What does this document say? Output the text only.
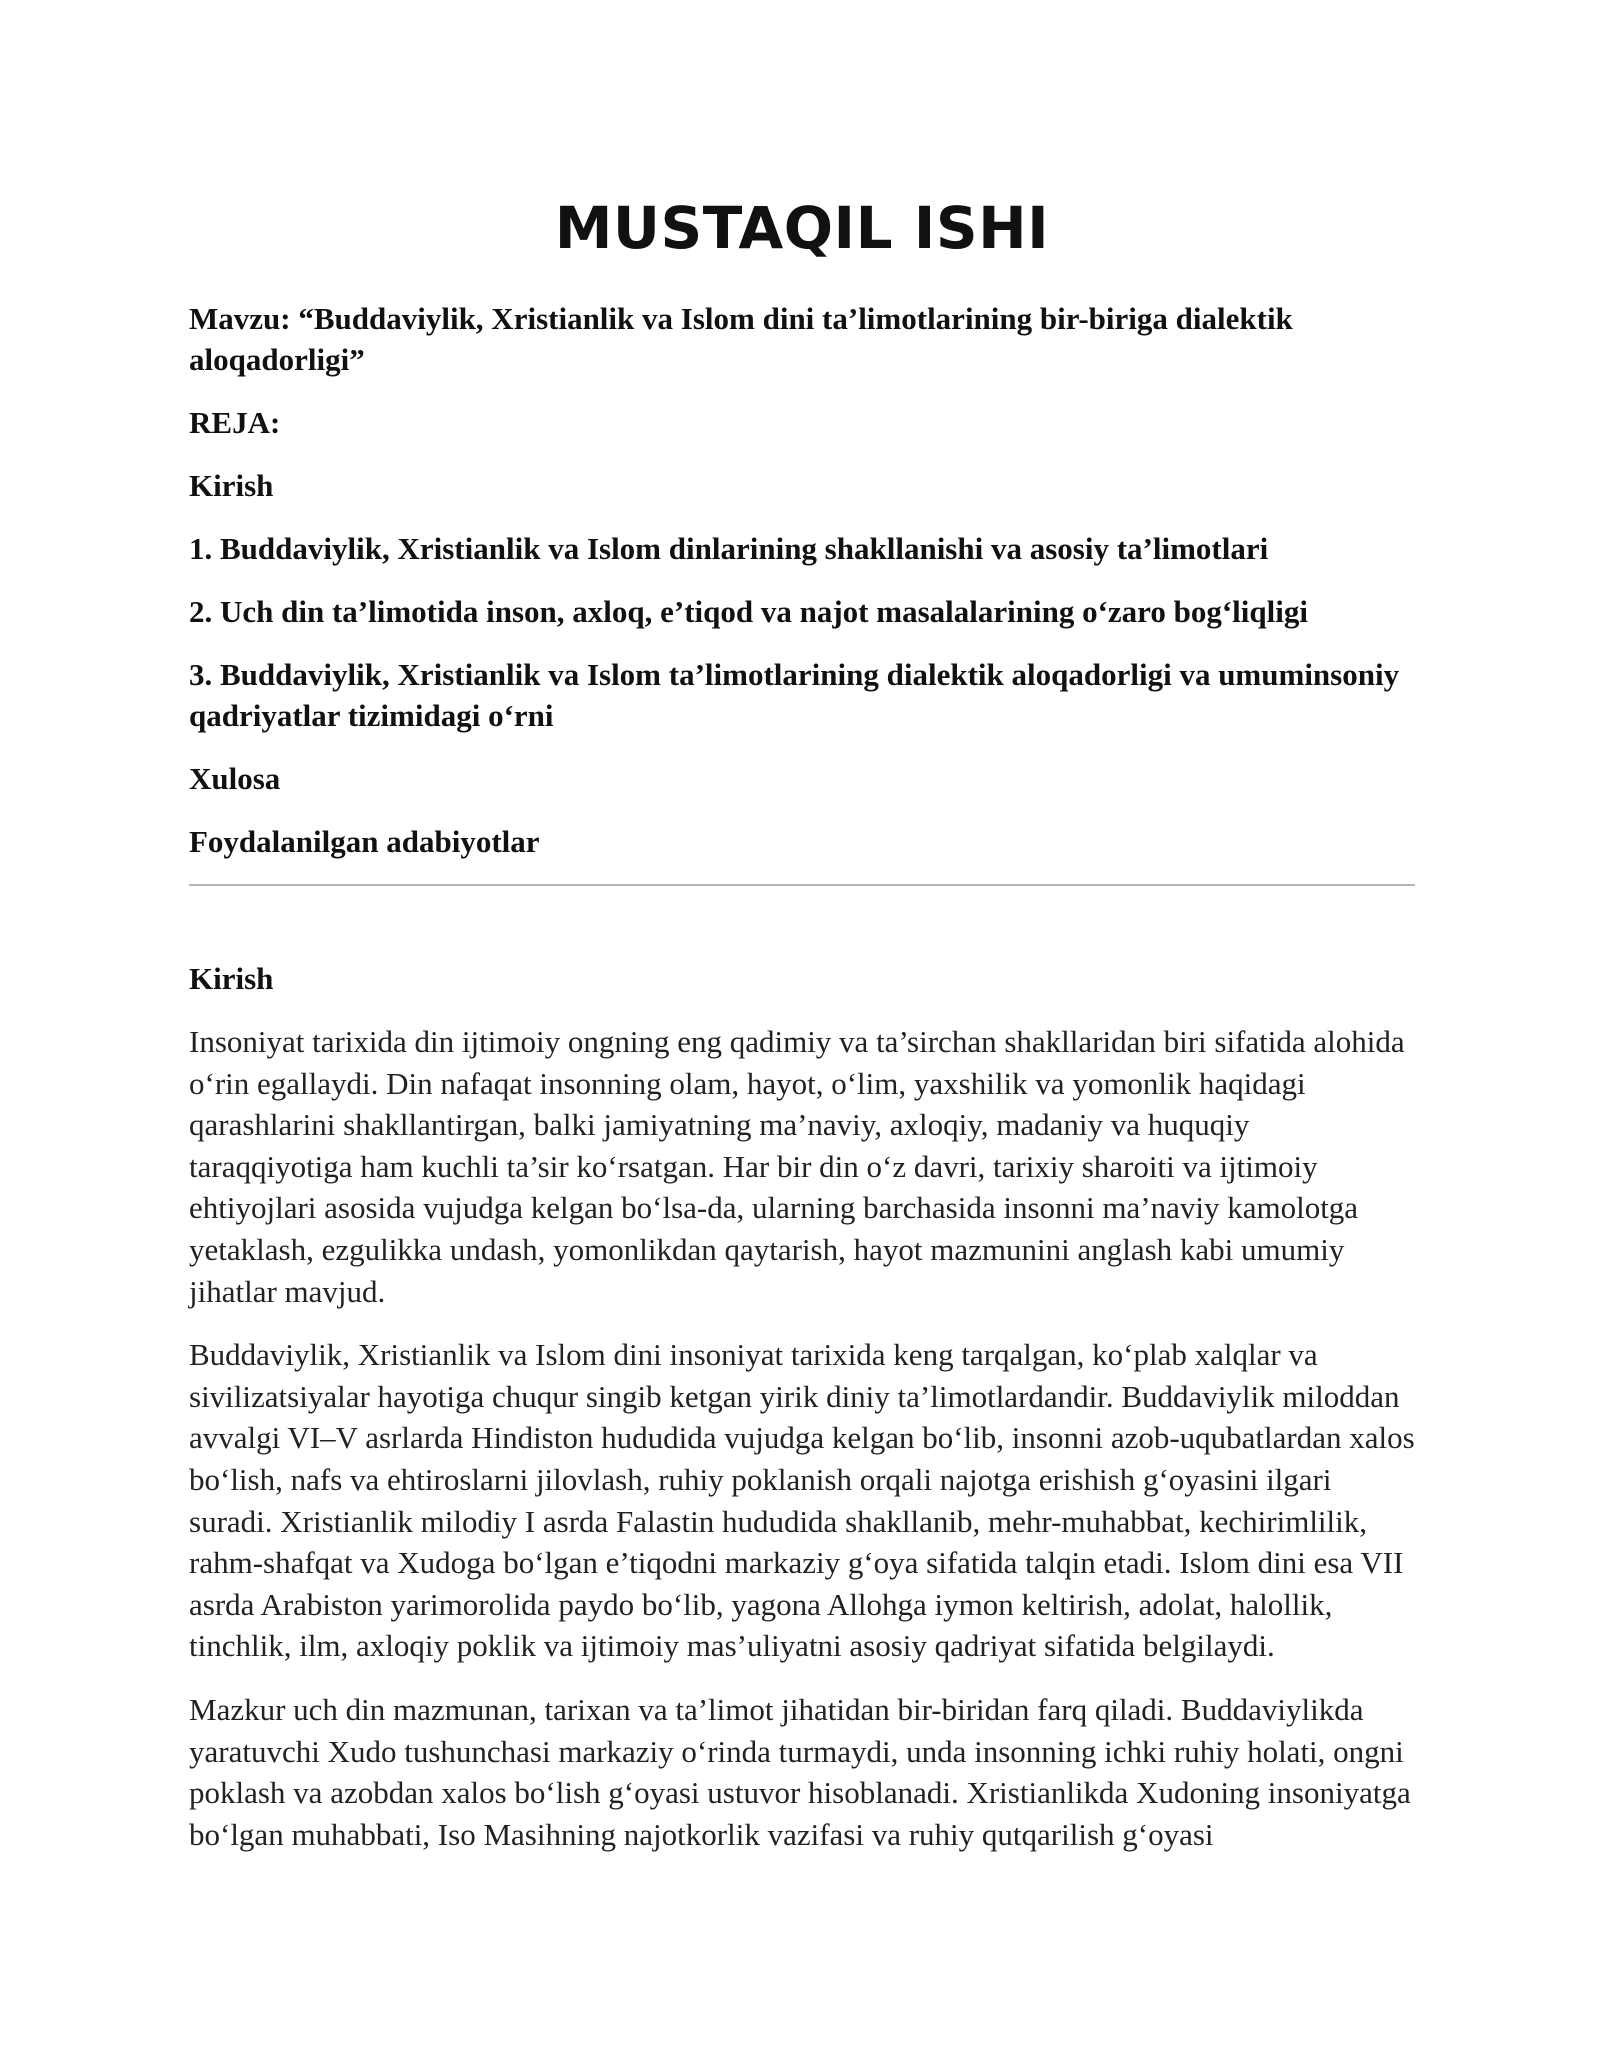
MUSTAQIL ISHI

Mavzu: “Buddaviylik, Xristianlik va Islom dini ta’limotlarining bir-biriga dialektik aloqadorligi”

REJA:

Kirish

1. Buddaviylik, Xristianlik va Islom dinlarining shakllanishi va asosiy ta’limotlari

2. Uch din ta’limotida inson, axloq, e’tiqod va najot masalalarining o‘zaro bog‘liqligi

3. Buddaviylik, Xristianlik va Islom ta’limotlarining dialektik aloqadorligi va umuminsoniy qadriyatlar tizimidagi o‘rni

Xulosa

Foydalanilgan adabiyotlar

Kirish

Insoniyat tarixida din ijtimoiy ongning eng qadimiy va ta’sirchan shakllaridan biri sifatida alohida o‘rin egallaydi. Din nafaqat insonning olam, hayot, o‘lim, yaxshilik va yomonlik haqidagi qarashlarini shakllantirgan, balki jamiyatning ma’naviy, axloqiy, madaniy va huquqiy taraqqiyotiga ham kuchli ta’sir ko‘rsatgan. Har bir din o‘z davri, tarixiy sharoiti va ijtimoiy ehtiyojlari asosida vujudga kelgan bo‘lsa-da, ularning barchasida insonni ma’naviy kamolotga yetaklash, ezgulikka undash, yomonlikdan qaytarish, hayot mazmunini anglash kabi umumiy jihatlar mavjud.

Buddaviylik, Xristianlik va Islom dini insoniyat tarixida keng tarqalgan, ko‘plab xalqlar va sivilizatsiyalar hayotiga chuqur singib ketgan yirik diniy ta’limotlardandir. Buddaviylik miloddan avvalgi VI–V asrlarda Hindiston hududida vujudga kelgan bo‘lib, insonni azob-uqubatlardan xalos bo‘lish, nafs va ehtiroslarni jilovlash, ruhiy poklanish orqali najotga erishish g‘oyasini ilgari suradi. Xristianlik milodiy I asrda Falastin hududida shakllanib, mehr-muhabbat, kechirimlilik, rahm-shafqat va Xudoga bo‘lgan e’tiqodni markaziy g‘oya sifatida talqin etadi. Islom dini esa VII asrda Arabiston yarimorolida paydo bo‘lib, yagona Allohga iymon keltirish, adolat, halollik, tinchlik, ilm, axloqiy poklik va ijtimoiy mas’uliyatni asosiy qadriyat sifatida belgilaydi.

Mazkur uch din mazmunan, tarixan va ta’limot jihatidan bir-biridan farq qiladi. Buddaviylikda yaratuvchi Xudo tushunchasi markaziy o‘rinda turmaydi, unda insonning ichki ruhiy holati, ongni poklash va azobdan xalos bo‘lish g‘oyasi ustuvor hisoblanadi. Xristianlikda Xudoning insoniyatga bo‘lgan muhabbati, Iso Masihning najotkorlik vazifasi va ruhiy qutqarilish g‘oyasi
